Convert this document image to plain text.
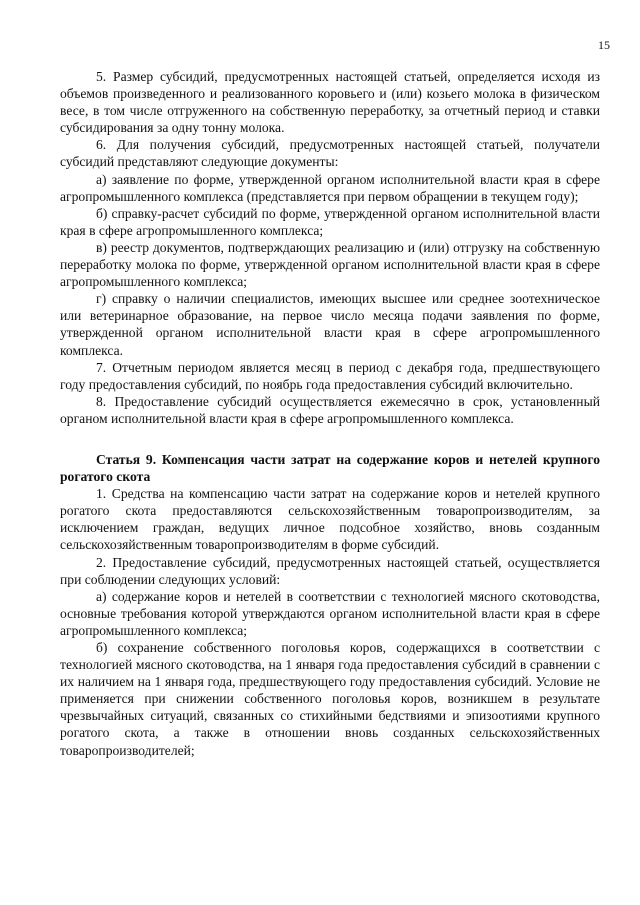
15

5. Размер субсидий, предусмотренных настоящей статьей, определяется исходя из объемов произведенного и реализованного коровьего и (или) козьего молока в физическом весе, в том числе отгруженного на собственную переработку, за отчетный период и ставки субсидирования за одну тонну молока.

6. Для получения субсидий, предусмотренных настоящей статьей, получатели субсидий представляют следующие документы:

а) заявление по форме, утвержденной органом исполнительной власти края в сфере агропромышленного комплекса (представляется при первом обращении в текущем году);

б) справку-расчет субсидий по форме, утвержденной органом исполнительной власти края в сфере агропромышленного комплекса;

в) реестр документов, подтверждающих реализацию и (или) отгрузку на собственную переработку молока по форме, утвержденной органом исполнительной власти края в сфере агропромышленного комплекса;

г) справку о наличии специалистов, имеющих высшее или среднее зоотехническое или ветеринарное образование, на первое число месяца подачи заявления по форме, утвержденной органом исполнительной власти края в сфере агропромышленного комплекса.

7. Отчетным периодом является месяц в период с декабря года, предшествующего году предоставления субсидий, по ноябрь года предоставления субсидий включительно.

8. Предоставление субсидий осуществляется ежемесячно в срок, установленный органом исполнительной власти края в сфере агропромышленного комплекса.

Статья 9. Компенсация части затрат на содержание коров и нетелей крупного рогатого скота

1. Средства на компенсацию части затрат на содержание коров и нетелей крупного рогатого скота предоставляются сельскохозяйственным товаропроизводителям, за исключением граждан, ведущих личное подсобное хозяйство, вновь созданным сельскохозяйственным товаропроизводителям в форме субсидий.

2. Предоставление субсидий, предусмотренных настоящей статьей, осуществляется при соблюдении следующих условий:

а) содержание коров и нетелей в соответствии с технологией мясного скотоводства, основные требования которой утверждаются органом исполнительной власти края в сфере агропромышленного комплекса;

б) сохранение собственного поголовья коров, содержащихся в соответствии с технологией мясного скотоводства, на 1 января года предоставления субсидий в сравнении с их наличием на 1 января года, предшествующего году предоставления субсидий. Условие не применяется при снижении собственного поголовья коров, возникшем в результате чрезвычайных ситуаций, связанных со стихийными бедствиями и эпизоотиями крупного рогатого скота, а также в отношении вновь созданных сельскохозяйственных товаропроизводителей;
